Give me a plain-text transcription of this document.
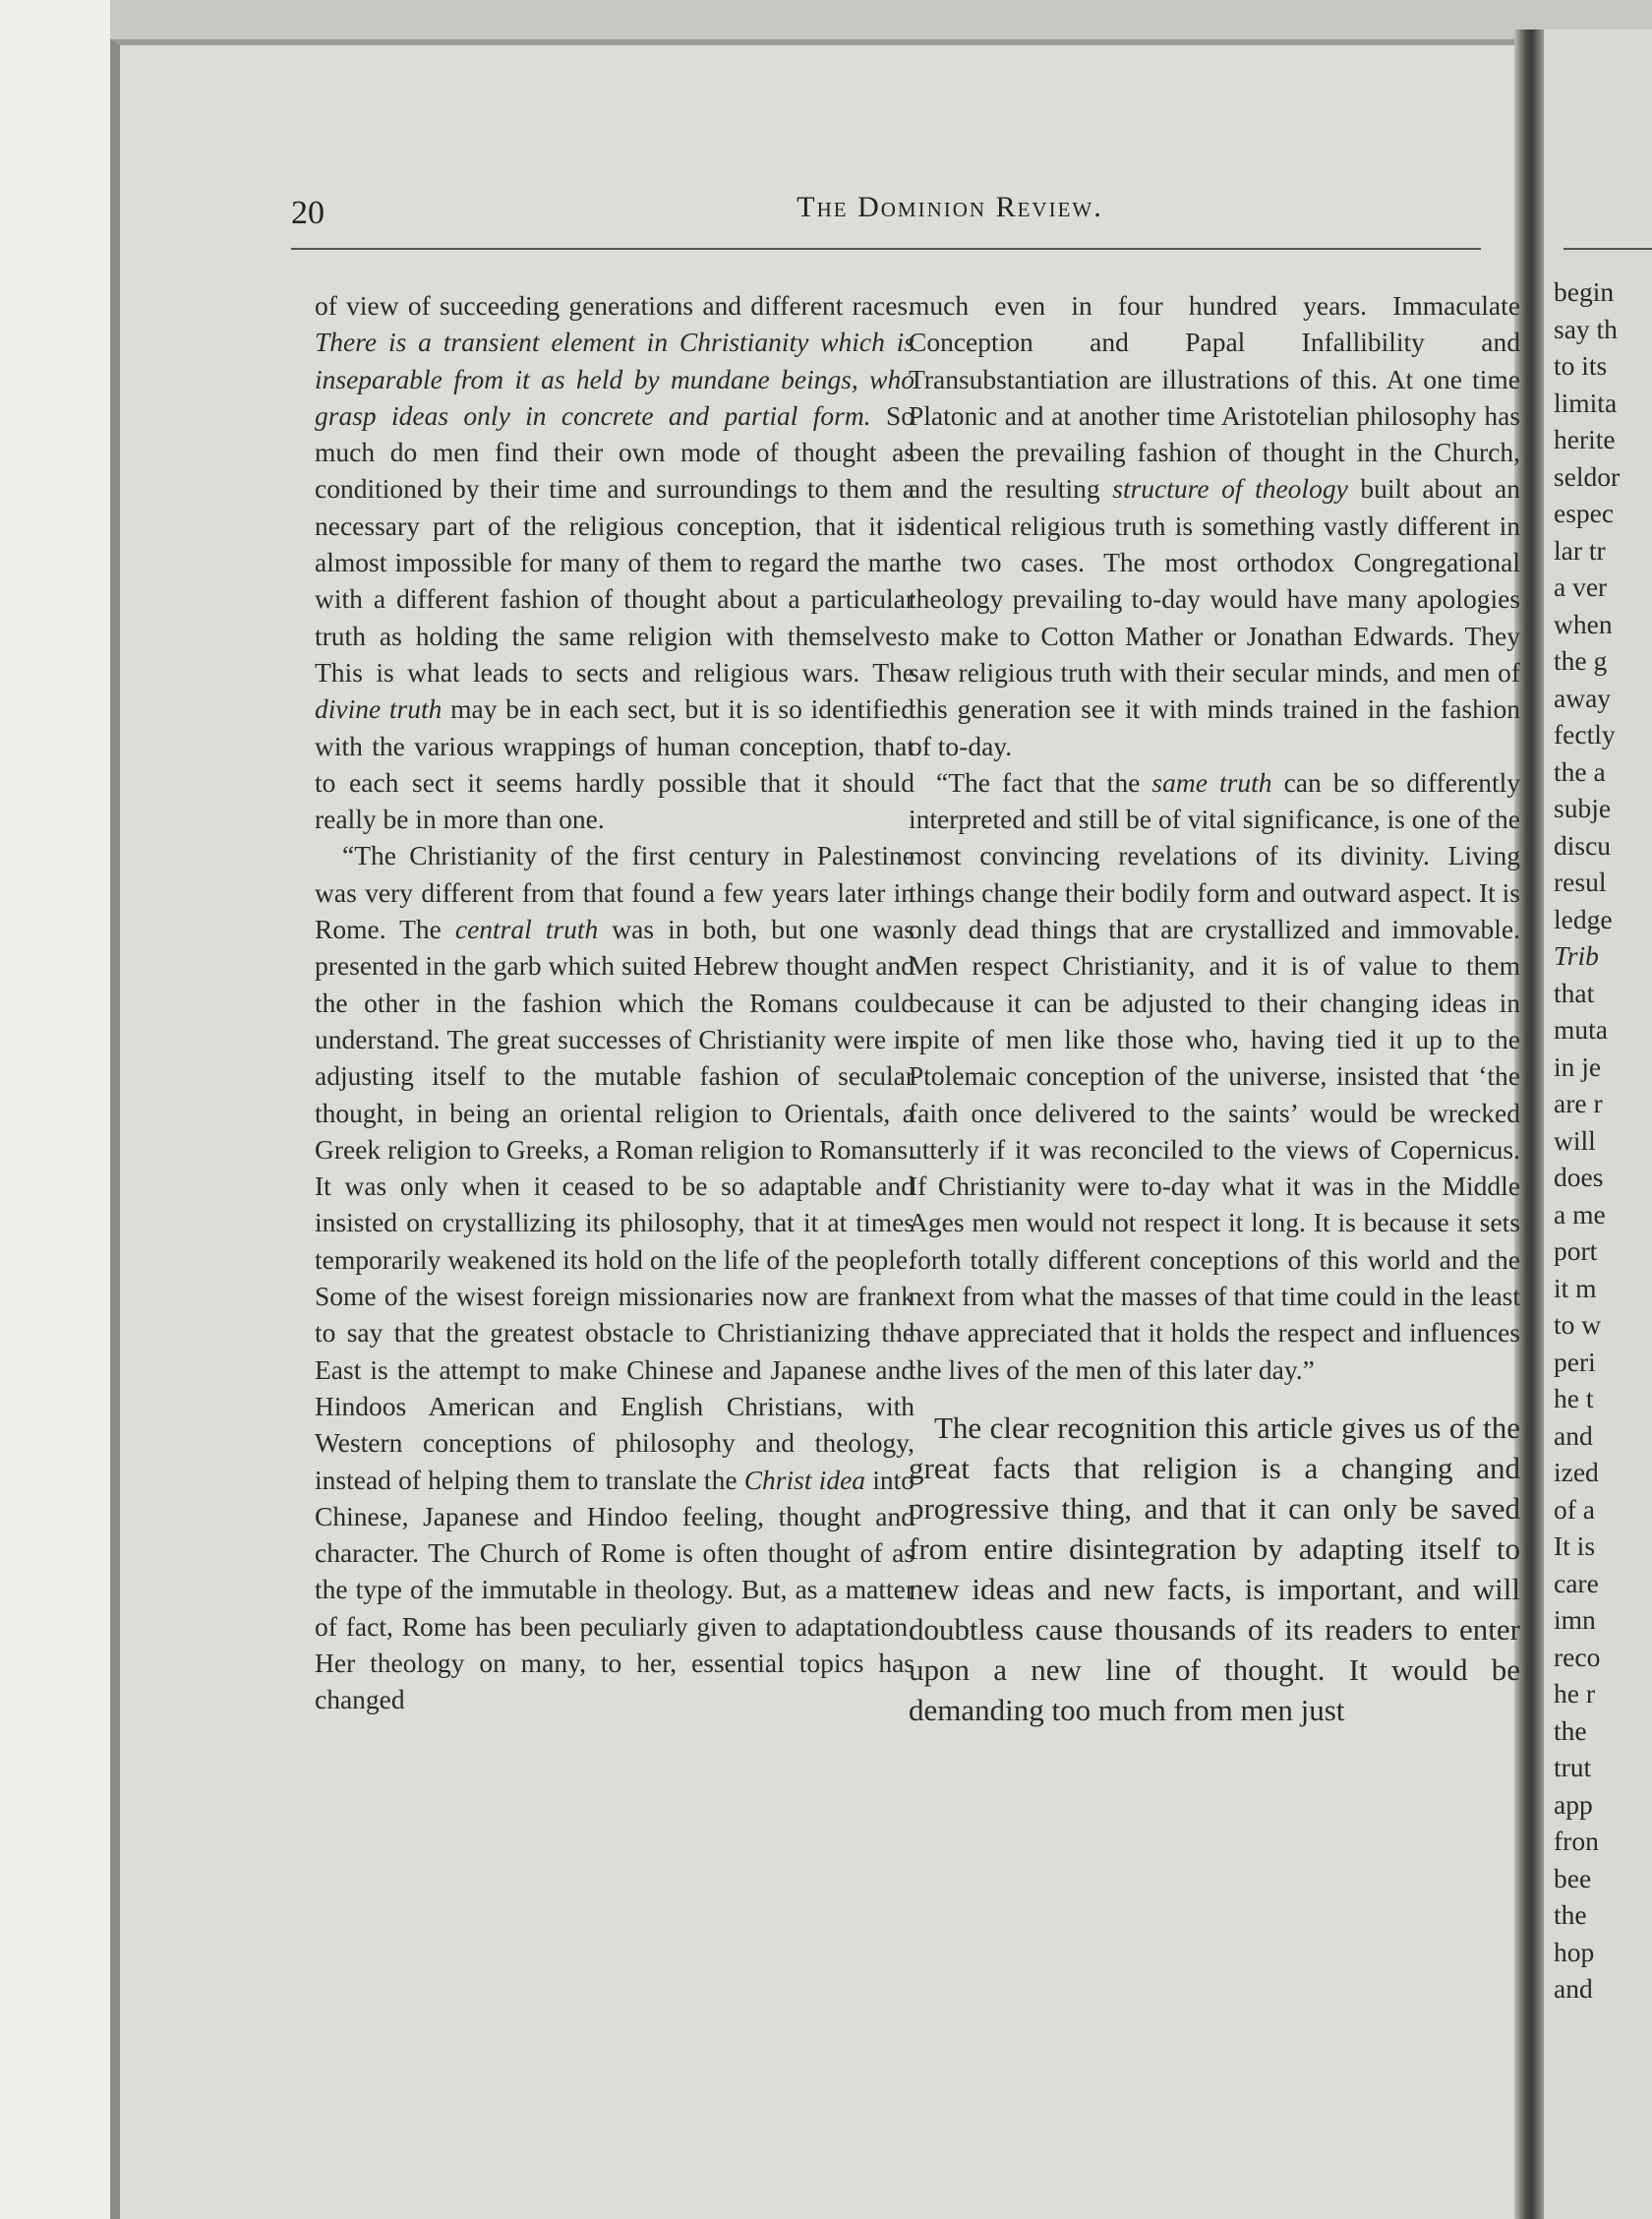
begin
say th
to its
limita
herite
seldor
espec
lar tr
a ver
when
the g
away
fectly
the a
subje
discu
resul
ledge
Trib
that
muta
in je
are r
will
does
a me
port
it m
to w
peri
he t
and
ized
of a
It is
care
imn
reco
he r
the
trut
app
fron
bee
the
hop
and
20	The Dominion Review.

of view of succeeding generations and different races. There is a transient element in Christianity which is inseparable from it as held by mundane beings, who grasp ideas only in concrete and partial form. So much do men find their own mode of thought as conditioned by their time and surroundings to them a necessary part of the religious conception, that it is almost impossible for many of them to regard the man with a different fashion of thought about a particular truth as holding the same religion with themselves. This is what leads to sects and religious wars. The divine truth may be in each sect, but it is so identified with the various wrappings of human conception, that to each sect it seems hardly possible that it should really be in more than one.

“The Christianity of the first century in Palestine was very different from that found a few years later in Rome. The central truth was in both, but one was presented in the garb which suited Hebrew thought and the other in the fashion which the Romans could understand. The great successes of Christianity were in adjusting itself to the mutable fashion of secular thought, in being an oriental religion to Orientals, a Greek religion to Greeks, a Roman religion to Romans. It was only when it ceased to be so adaptable and insisted on crystallizing its philosophy, that it at times temporarily weakened its hold on the life of the people. Some of the wisest foreign missionaries now are frank to say that the greatest obstacle to Christianizing the East is the attempt to make Chinese and Japanese and Hindoos American and English Christians, with Western conceptions of philosophy and theology, instead of helping them to translate the Christ idea into Chinese, Japanese and Hindoo feeling, thought and character. The Church of Rome is often thought of as the type of the immutable in theology. But, as a matter of fact, Rome has been peculiarly given to adaptation. Her theology on many, to her, essential topics has changed

much even in four hundred years. Immaculate Conception and Papal Infallibility and Transubstantiation are illustrations of this. At one time Platonic and at another time Aristotelian philosophy has been the prevailing fashion of thought in the Church, and the resulting structure of theology built about an identical religious truth is something vastly different in the two cases. The most orthodox Congregational theology prevailing to-day would have many apologies to make to Cotton Mather or Jonathan Edwards. They saw religious truth with their secular minds, and men of this generation see it with minds trained in the fashion of to-day.

“The fact that the same truth can be so differently interpreted and still be of vital significance, is one of the most convincing revelations of its divinity. Living things change their bodily form and outward aspect. It is only dead things that are crystallized and immovable. Men respect Christianity, and it is of value to them because it can be adjusted to their changing ideas in spite of men like those who, having tied it up to the Ptolemaic conception of the universe, insisted that ‘the faith once delivered to the saints’ would be wrecked utterly if it was reconciled to the views of Copernicus. If Christianity were to-day what it was in the Middle Ages men would not respect it long. It is because it sets forth totally different conceptions of this world and the next from what the masses of that time could in the least have appreciated that it holds the respect and influences the lives of the men of this later day.”

The clear recognition this article gives us of the great facts that religion is a changing and progressive thing, and that it can only be saved from entire disintegration by adapting itself to new ideas and new facts, is important, and will doubtless cause thousands of its readers to enter upon a new line of thought. It would be demanding too much from men just
